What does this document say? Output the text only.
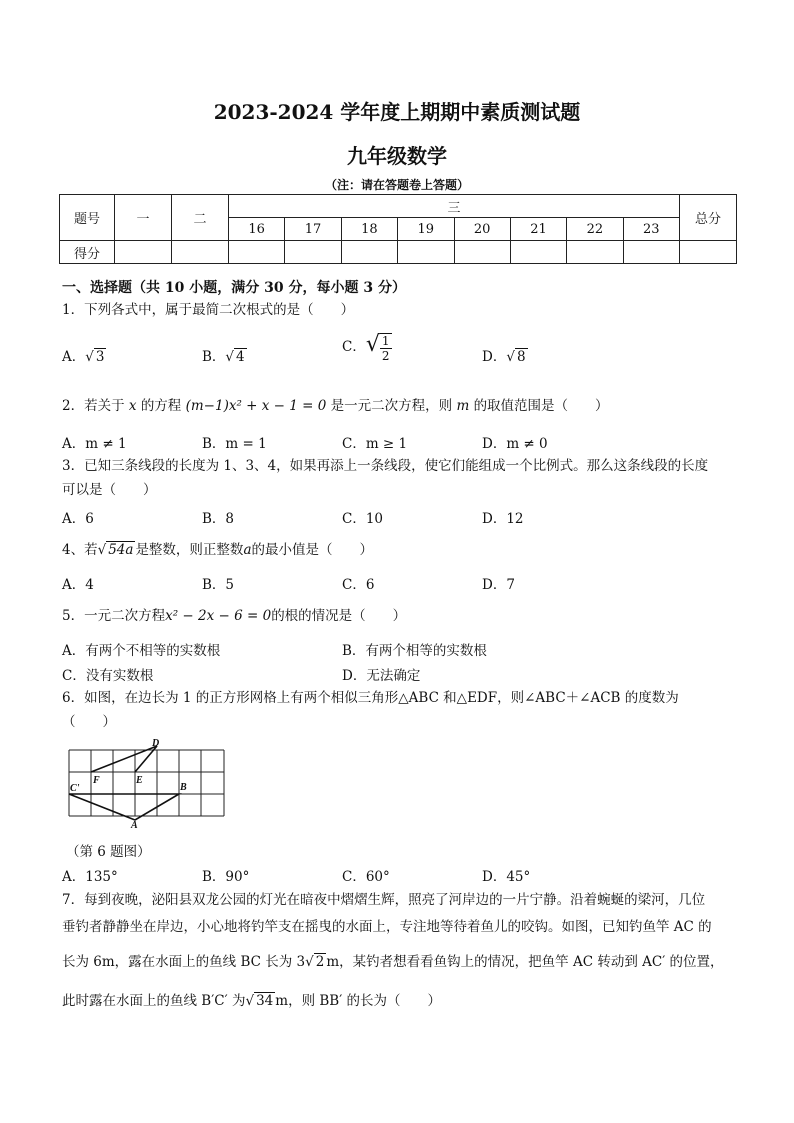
2023-2024 学年度上期期中素质测试题
九年级数学
（注：请在答题卷上答题）
题号	一	二	三								总分
			16	17	18	19	20	21	22	23	
得分											
一、选择题（共 10 小题，满分 30 分，每小题 3 分）
1．下列各式中，属于最简二次根式的是（　　）
A．√ 3	B．√ 4
C．√ $\frac{1}{2}$	D．√ 8
2．若关于 x 的方程 (m−1)x² + x − 1 = 0 是一元二次方程，则 m 的取值范围是（　　）
A．m ≠ 1	B．m = 1	C．m ≥ 1	D．m ≠ 0
3．已知三条线段的长度为 1、3、4，如果再添上一条线段，使它们能组成一个比例式。那么这条线段的长度
可以是（　　）
A．6	B．8	C．10	D．12
4、若√ 54a 是整数，则正整数a的最小值是（　　）
A．4	B．5	C．6	D．7
5．一元二次方程x² − 2x − 6 = 0的根的情况是（　　）
A．有两个不相等的实数根	B．有两个相等的实数根
C．没有实数根	D．无法确定
6．如图，在边长为 1 的正方形网格上有两个相似三角形△ABC 和△EDF，则∠ABC＋∠ACB 的度数为
（　　）
D
F	E
C'	B
A
（第 6 题图）
A．135°	B．90°	C．60°	D．45°
7．每到夜晚，泌阳县双龙公园的灯光在暗夜中熠熠生辉，照亮了河岸边的一片宁静。沿着蜿蜒的梁河，几位
垂钓者静静坐在岸边，小心地将钓竿支在摇曳的水面上，专注地等待着鱼儿的咬钩。如图，已知钓鱼竿 AC 的
长为 6m，露在水面上的鱼线 BC 长为 3√ 2 m，某钓者想看看鱼钩上的情况，把鱼竿 AC 转动到 AC′ 的位置，
此时露在水面上的鱼线 B′C′ 为√ 34 m，则 BB′ 的长为（　　）
